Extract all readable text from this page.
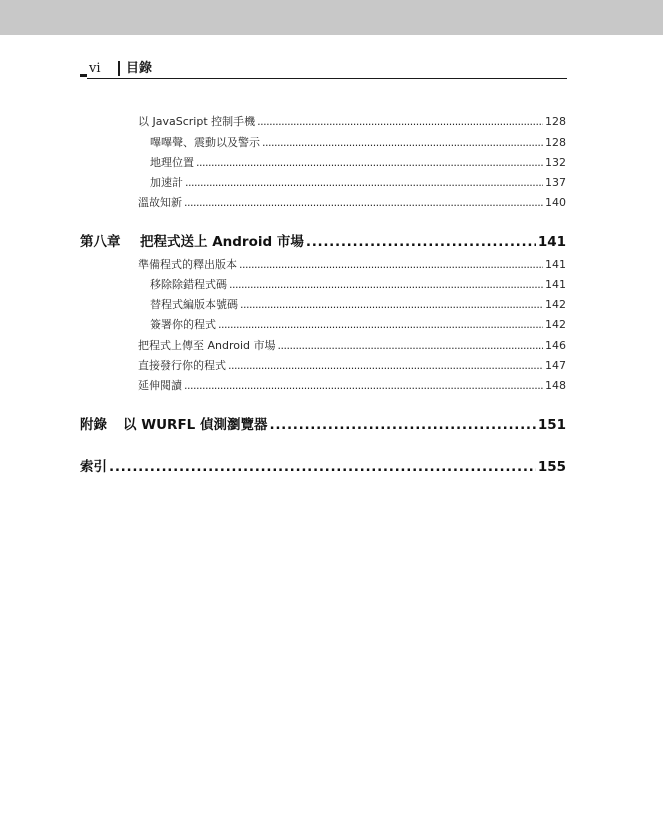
vi 目錄
以 JavaScript 控制手機 . . .	128
嗶嗶聲、震動以及警示 . . .	128
地理位置 . . .	132
加速計 . . .	137
溫故知新 . . .	140
第八章	把程式送上 Android 市場 . . .	141
準備程式的釋出版本 . . .	141
移除除錯程式碼 . . .	141
替程式編版本號碼 . . .	142
簽署你的程式 . . .	142
把程式上傳至 Android 市場 . . .	146
直接發行你的程式 . . .	147
延伸閱讀 . . .	148
附錄	以 WURFL 偵測瀏覽器 . . .	151
索引 . . .	155
